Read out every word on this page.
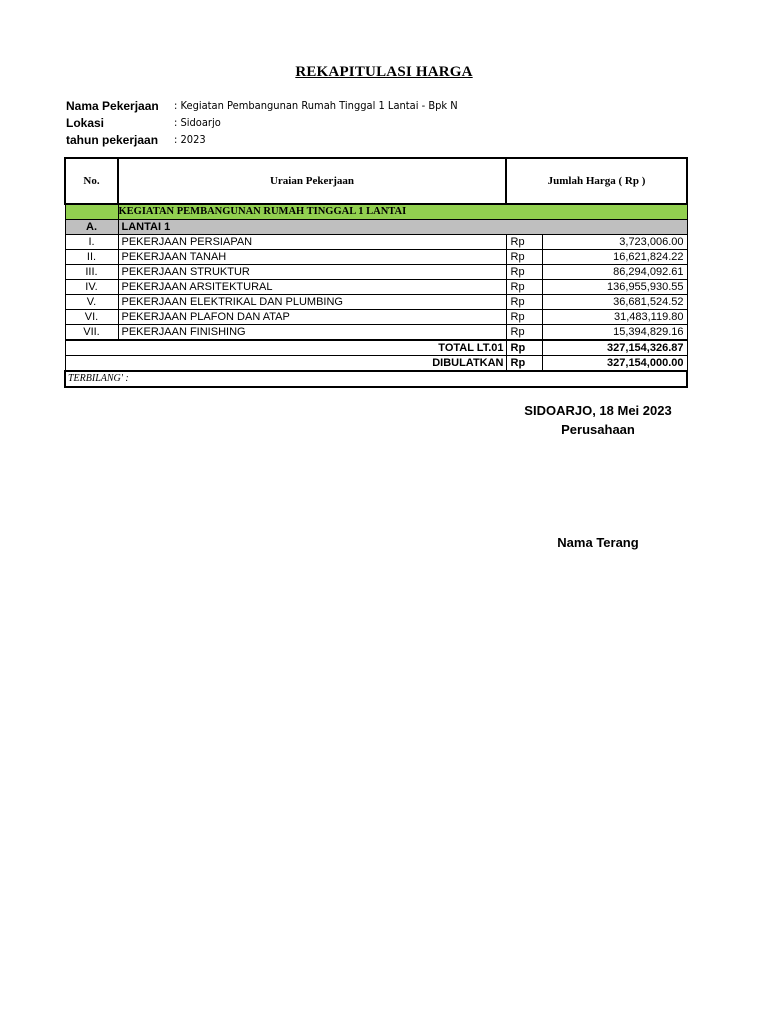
REKAPITULASI HARGA
Nama Pekerjaan	: Kegiatan Pembangunan Rumah Tinggal 1 Lantai - Bpk N
Lokasi	: Sidoarjo
tahun pekerjaan	: 2023
No.	Uraian Pekerjaan	Jumlah Harga ( Rp )	
	KEGIATAN PEMBANGUNAN RUMAH TINGGAL 1 LANTAI		
A.	LANTAI 1		
I.	PEKERJAAN PERSIAPAN	Rp	3,723,006.00
II.	PEKERJAAN TANAH	Rp	16,621,824.22
III.	PEKERJAAN STRUKTUR	Rp	86,294,092.61
IV.	PEKERJAAN ARSITEKTURAL	Rp	136,955,930.55
V.	PEKERJAAN ELEKTRIKAL DAN PLUMBING	Rp	36,681,524.52
VI.	PEKERJAAN PLAFON DAN ATAP	Rp	31,483,119.80
VII.	PEKERJAAN FINISHING	Rp	15,394,829.16
TOTAL LT.01		Rp	327,154,326.87
DIBULATKAN		Rp	327,154,000.00
TERBILANG' :			
SIDOARJO, 18 Mei 2023
Perusahaan
Nama Terang
